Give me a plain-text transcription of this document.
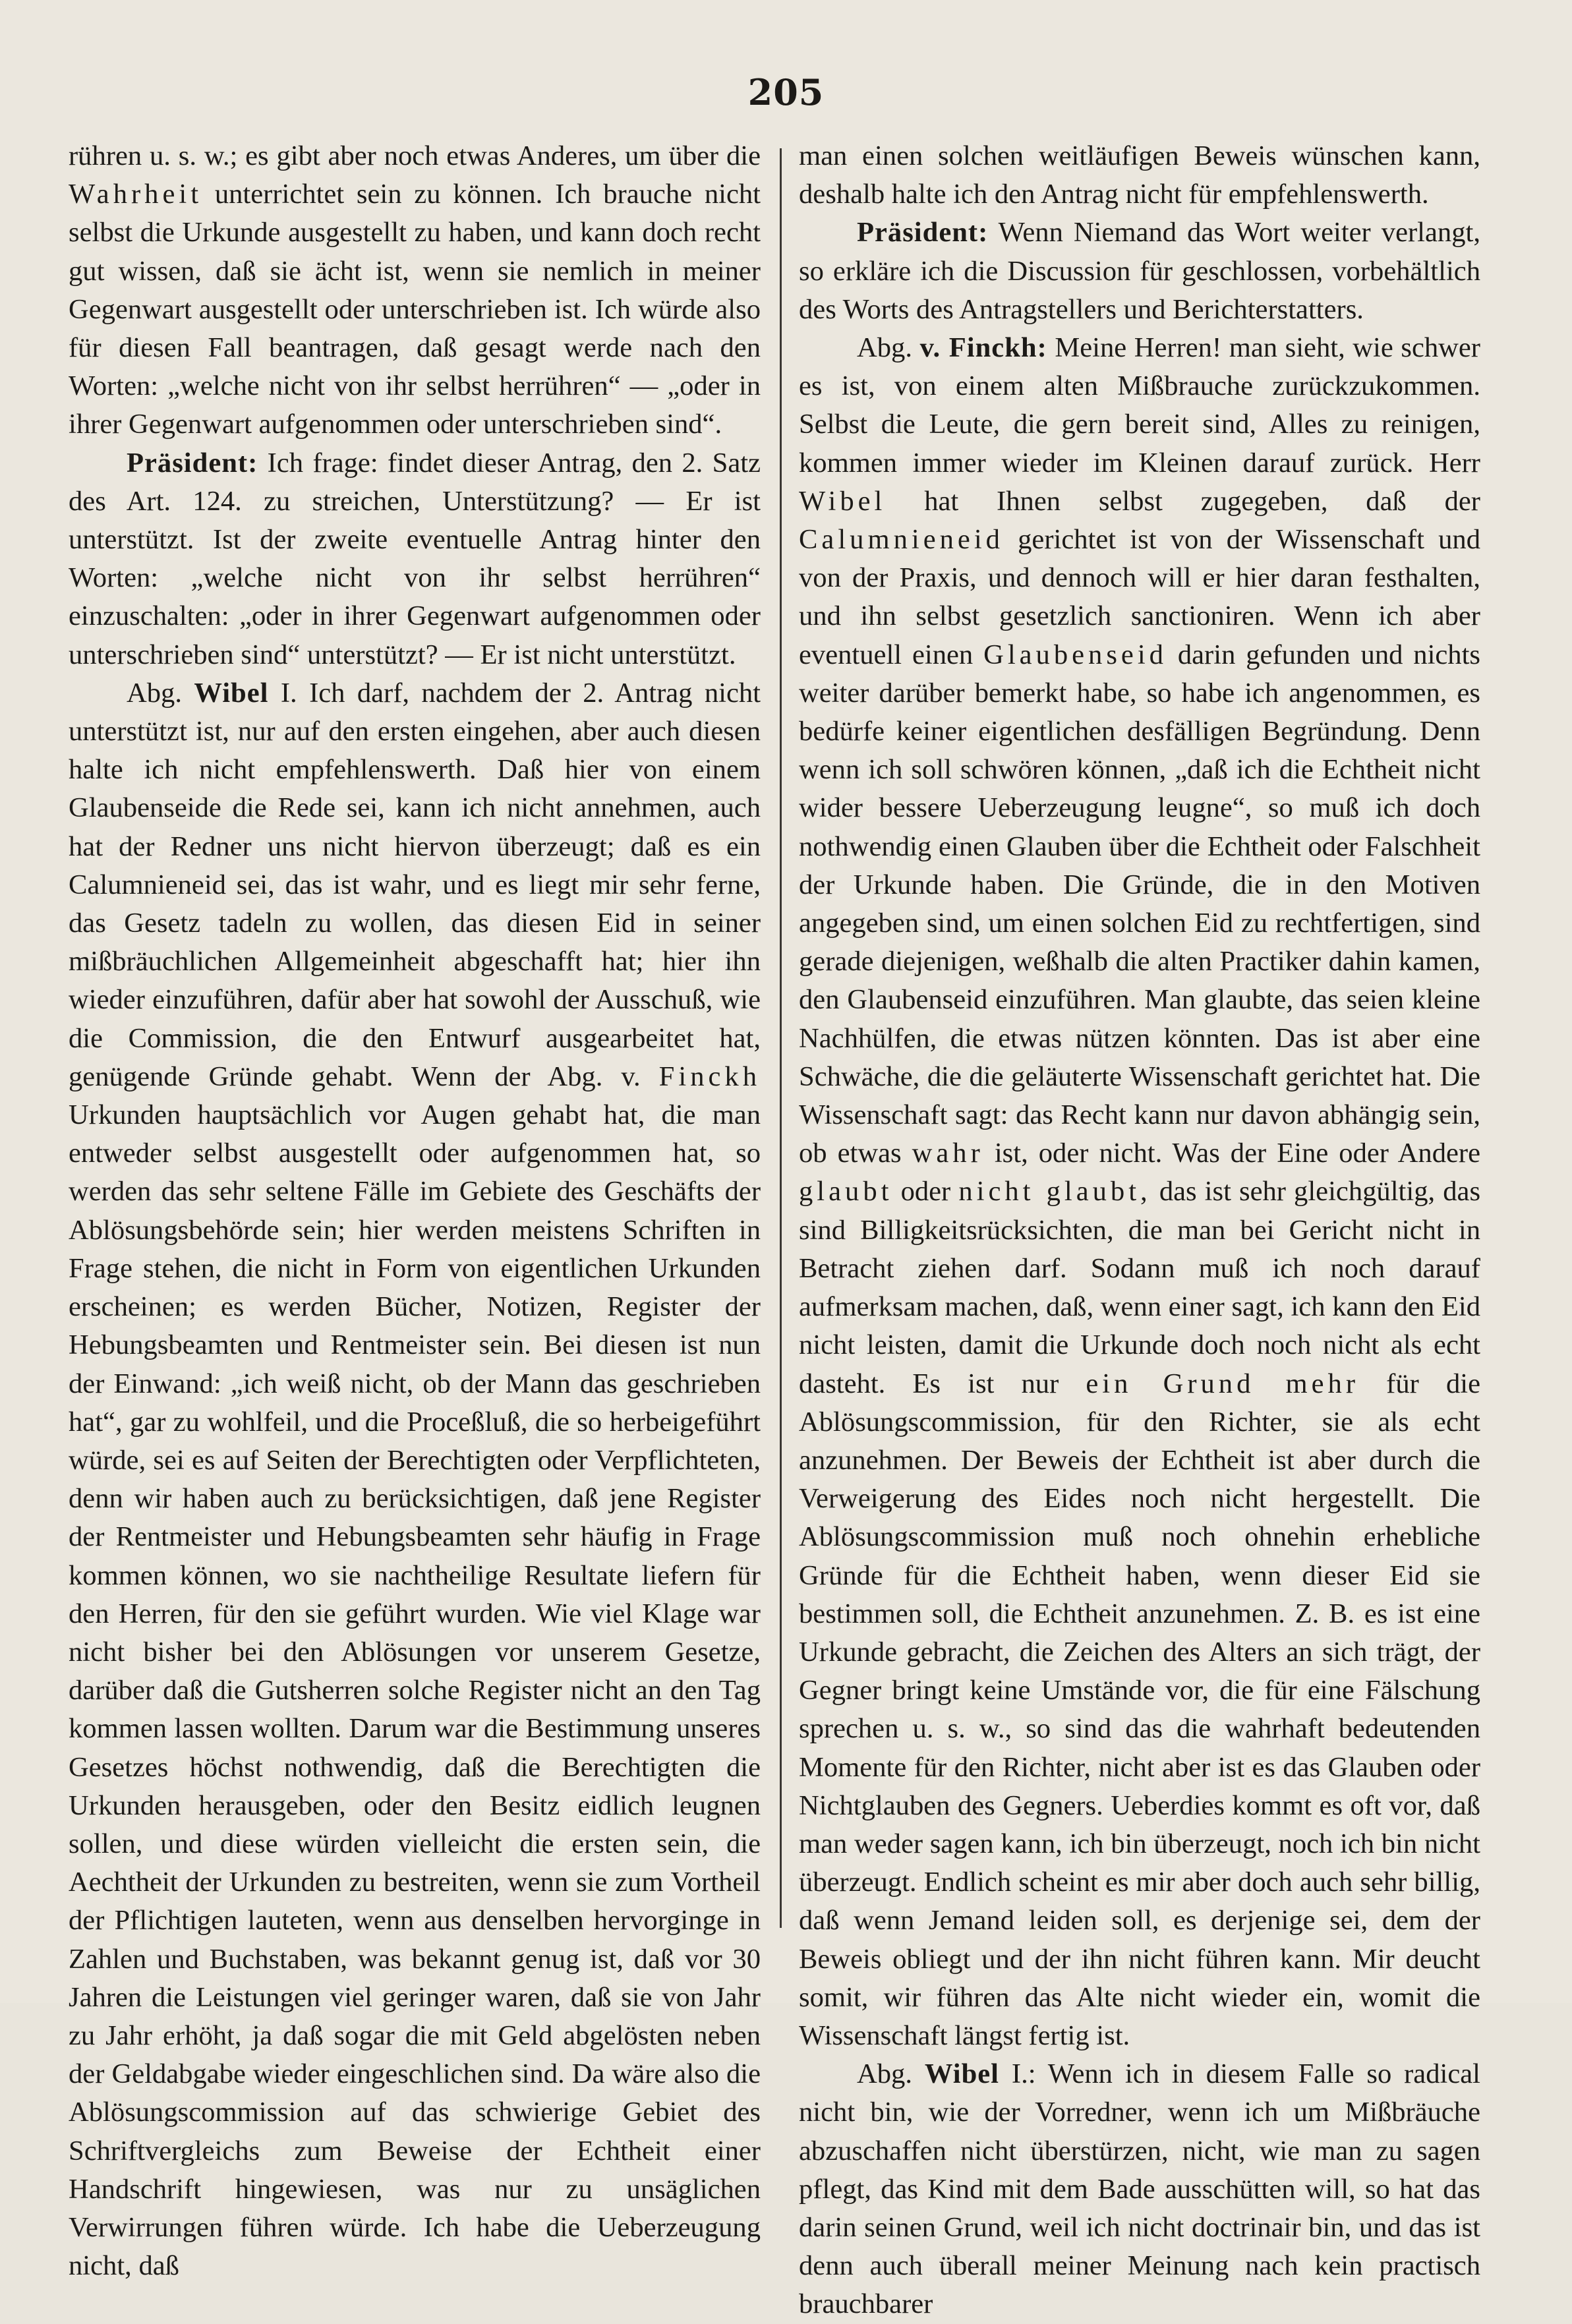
205

rühren u. s. w.; es gibt aber noch etwas Anderes, um über die Wahrheit unterrichtet sein zu können. Ich brauche nicht selbst die Urkunde ausgestellt zu haben, und kann doch recht gut wissen, daß sie ächt ist, wenn sie nemlich in meiner Gegenwart ausgestellt oder unterschrieben ist. Ich würde also für diesen Fall beantragen, daß gesagt werde nach den Worten: „welche nicht von ihr selbst herrühren“ — „oder in ihrer Gegenwart aufgenommen oder unterschrieben sind“.

Präsident: Ich frage: findet dieser Antrag, den 2. Satz des Art. 124. zu streichen, Unterstützung? — Er ist unterstützt. Ist der zweite eventuelle Antrag hinter den Worten: „welche nicht von ihr selbst herrühren“ einzuschalten: „oder in ihrer Gegenwart aufgenommen oder unterschrieben sind“ unterstützt? — Er ist nicht unterstützt.

Abg. Wibel I. Ich darf, nachdem der 2. Antrag nicht unterstützt ist, nur auf den ersten eingehen, aber auch diesen halte ich nicht empfehlenswerth. Daß hier von einem Glaubenseide die Rede sei, kann ich nicht annehmen, auch hat der Redner uns nicht hiervon überzeugt; daß es ein Calumnieneid sei, das ist wahr, und es liegt mir sehr ferne, das Gesetz tadeln zu wollen, das diesen Eid in seiner mißbräuchlichen Allgemeinheit abgeschafft hat; hier ihn wieder einzuführen, dafür aber hat sowohl der Ausschuß, wie die Commission, die den Entwurf ausgearbeitet hat, genügende Gründe gehabt. Wenn der Abg. v. Finckh Urkunden hauptsächlich vor Augen gehabt hat, die man entweder selbst ausgestellt oder aufgenommen hat, so werden das sehr seltene Fälle im Gebiete des Geschäfts der Ablösungsbehörde sein; hier werden meistens Schriften in Frage stehen, die nicht in Form von eigentlichen Urkunden erscheinen; es werden Bücher, Notizen, Register der Hebungsbeamten und Rentmeister sein. Bei diesen ist nun der Einwand: „ich weiß nicht, ob der Mann das geschrieben hat“, gar zu wohlfeil, und die Proceßluß, die so herbeigeführt würde, sei es auf Seiten der Berechtigten oder Verpflichteten, denn wir haben auch zu berücksichtigen, daß jene Register der Rentmeister und Hebungsbeamten sehr häufig in Frage kommen können, wo sie nachtheilige Resultate liefern für den Herren, für den sie geführt wurden. Wie viel Klage war nicht bisher bei den Ablösungen vor unserem Gesetze, darüber daß die Gutsherren solche Register nicht an den Tag kommen lassen wollten. Darum war die Bestimmung unseres Gesetzes höchst nothwendig, daß die Berechtigten die Urkunden herausgeben, oder den Besitz eidlich leugnen sollen, und diese würden vielleicht die ersten sein, die Aechtheit der Urkunden zu bestreiten, wenn sie zum Vortheil der Pflichtigen lauteten, wenn aus denselben hervorginge in Zahlen und Buchstaben, was bekannt genug ist, daß vor 30 Jahren die Leistungen viel geringer waren, daß sie von Jahr zu Jahr erhöht, ja daß sogar die mit Geld abgelösten neben der Geldabgabe wieder eingeschlichen sind. Da wäre also die Ablösungscommission auf das schwierige Gebiet des Schriftvergleichs zum Beweise der Echtheit einer Handschrift hingewiesen, was nur zu unsäglichen Verwirrungen führen würde. Ich habe die Ueberzeugung nicht, daß

man einen solchen weitläufigen Beweis wünschen kann, deshalb halte ich den Antrag nicht für empfehlenswerth.

Präsident: Wenn Niemand das Wort weiter verlangt, so erkläre ich die Discussion für geschlossen, vorbehältlich des Worts des Antragstellers und Berichterstatters.

Abg. v. Finckh: Meine Herren! man sieht, wie schwer es ist, von einem alten Mißbrauche zurückzukommen. Selbst die Leute, die gern bereit sind, Alles zu reinigen, kommen immer wieder im Kleinen darauf zurück. Herr Wibel hat Ihnen selbst zugegeben, daß der Calumnieneid gerichtet ist von der Wissenschaft und von der Praxis, und dennoch will er hier daran festhalten, und ihn selbst gesetzlich sanctioniren. Wenn ich aber eventuell einen Glaubenseid darin gefunden und nichts weiter darüber bemerkt habe, so habe ich angenommen, es bedürfe keiner eigentlichen desfälligen Begründung. Denn wenn ich soll schwören können, „daß ich die Echtheit nicht wider bessere Ueberzeugung leugne“, so muß ich doch nothwendig einen Glauben über die Echtheit oder Falschheit der Urkunde haben. Die Gründe, die in den Motiven angegeben sind, um einen solchen Eid zu rechtfertigen, sind gerade diejenigen, weßhalb die alten Practiker dahin kamen, den Glaubenseid einzuführen. Man glaubte, das seien kleine Nachhülfen, die etwas nützen könnten. Das ist aber eine Schwäche, die die geläuterte Wissenschaft gerichtet hat. Die Wissenschaft sagt: das Recht kann nur davon abhängig sein, ob etwas wahr ist, oder nicht. Was der Eine oder Andere glaubt oder nicht glaubt, das ist sehr gleichgültig, das sind Billigkeitsrücksichten, die man bei Gericht nicht in Betracht ziehen darf. Sodann muß ich noch darauf aufmerksam machen, daß, wenn einer sagt, ich kann den Eid nicht leisten, damit die Urkunde doch noch nicht als echt dasteht. Es ist nur ein Grund mehr für die Ablösungscommission, für den Richter, sie als echt anzunehmen. Der Beweis der Echtheit ist aber durch die Verweigerung des Eides noch nicht hergestellt. Die Ablösungscommission muß noch ohnehin erhebliche Gründe für die Echtheit haben, wenn dieser Eid sie bestimmen soll, die Echtheit anzunehmen. Z. B. es ist eine Urkunde gebracht, die Zeichen des Alters an sich trägt, der Gegner bringt keine Umstände vor, die für eine Fälschung sprechen u. s. w., so sind das die wahrhaft bedeutenden Momente für den Richter, nicht aber ist es das Glauben oder Nichtglauben des Gegners. Ueberdies kommt es oft vor, daß man weder sagen kann, ich bin überzeugt, noch ich bin nicht überzeugt. Endlich scheint es mir aber doch auch sehr billig, daß wenn Jemand leiden soll, es derjenige sei, dem der Beweis obliegt und der ihn nicht führen kann. Mir deucht somit, wir führen das Alte nicht wieder ein, womit die Wissenschaft längst fertig ist.

Abg. Wibel I.: Wenn ich in diesem Falle so radical nicht bin, wie der Vorredner, wenn ich um Mißbräuche abzuschaffen nicht überstürzen, nicht, wie man zu sagen pflegt, das Kind mit dem Bade ausschütten will, so hat das darin seinen Grund, weil ich nicht doctrinair bin, und das ist denn auch überall meiner Meinung nach kein practisch brauchbarer
